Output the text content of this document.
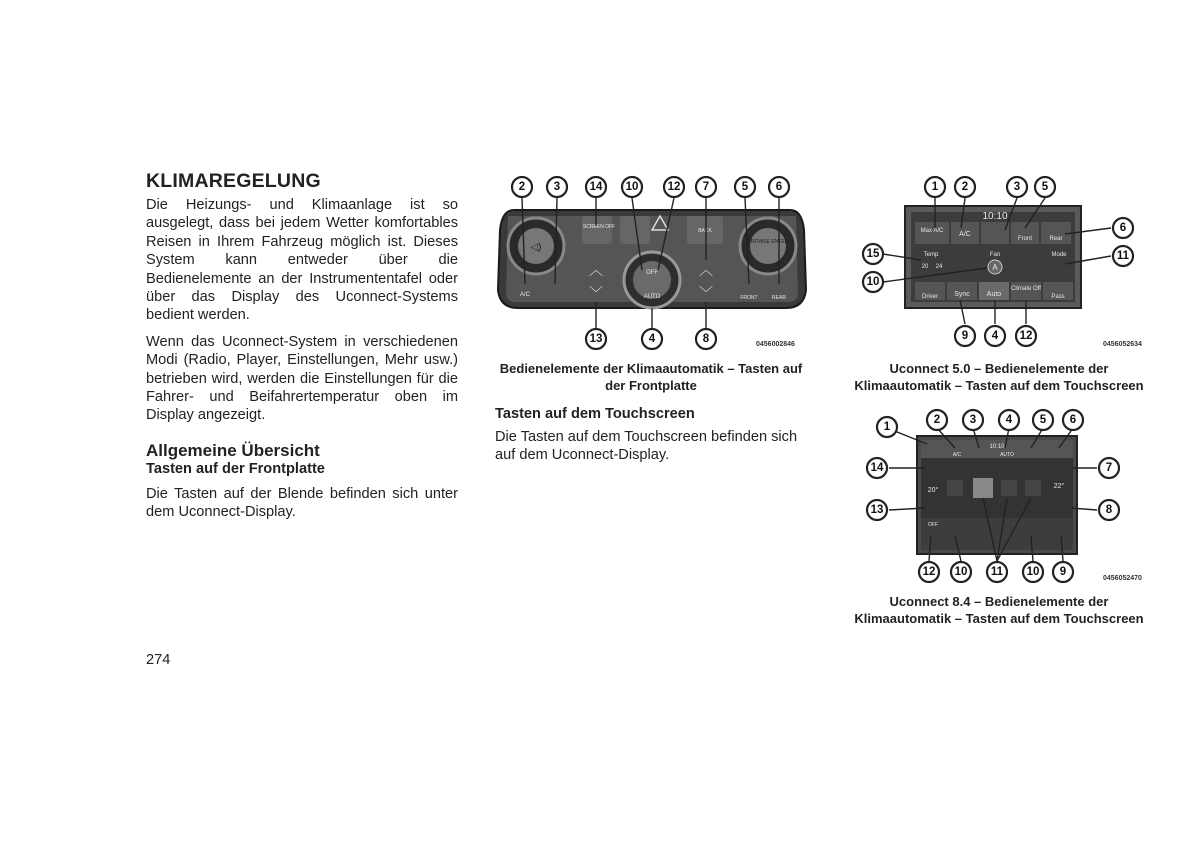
KLIMAREGELUNG

Die Heizungs- und Klimaanlage ist so ausgelegt, dass bei jedem Wetter komfortables Reisen in Ihrem Fahrzeug möglich ist. Dieses System kann entweder über die Bedienelemente an der Instrumententafel oder über das Display des Uconnect-Systems bedient werden.

Wenn das Uconnect-System in verschiedenen Modi (Radio, Player, Einstellungen, Mehr usw.) betrieben wird, werden die Einstellungen für die Fahrer- und Beifahrertemperatur oben im Display angezeigt.

Allgemeine Übersicht
Tasten auf der Frontplatte

Die Tasten auf der Blende befinden sich unter dem Uconnect-Display.

◁)	BROWSE ENTER
SCREEN OFF
BACK
OFF
AUTO
︿
﹀
︿
﹀
A/C	FRONT	REAR
2 3	14 10	12 7	5 6
13	4	8	0456002846

Bedienelemente der Klimaautomatik – Tasten auf der Frontplatte

Tasten auf dem Touchscreen

Die Tasten auf dem Touchscreen befinden sich auf dem Uconnect-Display.

10:10
Max A/C A/C
Front	Rear
Temp
20 24
Fan
A
Mode
Driver Sync Auto
Climate Off
Pass
1 2	3 5
15
10
6
11
9 4 12
0456052634

Uconnect 5.0 – Bedienelemente der Klimaautomatik – Tasten auf dem Touchscreen

10:10
A/C	AUTO
20°
22°
OFF
1
2	3	4 5 6
14
13
7
8
12 10 11 10 9
0456052470

Uconnect 8.4 – Bedienelemente der Klimaautomatik – Tasten auf dem Touchscreen

274
